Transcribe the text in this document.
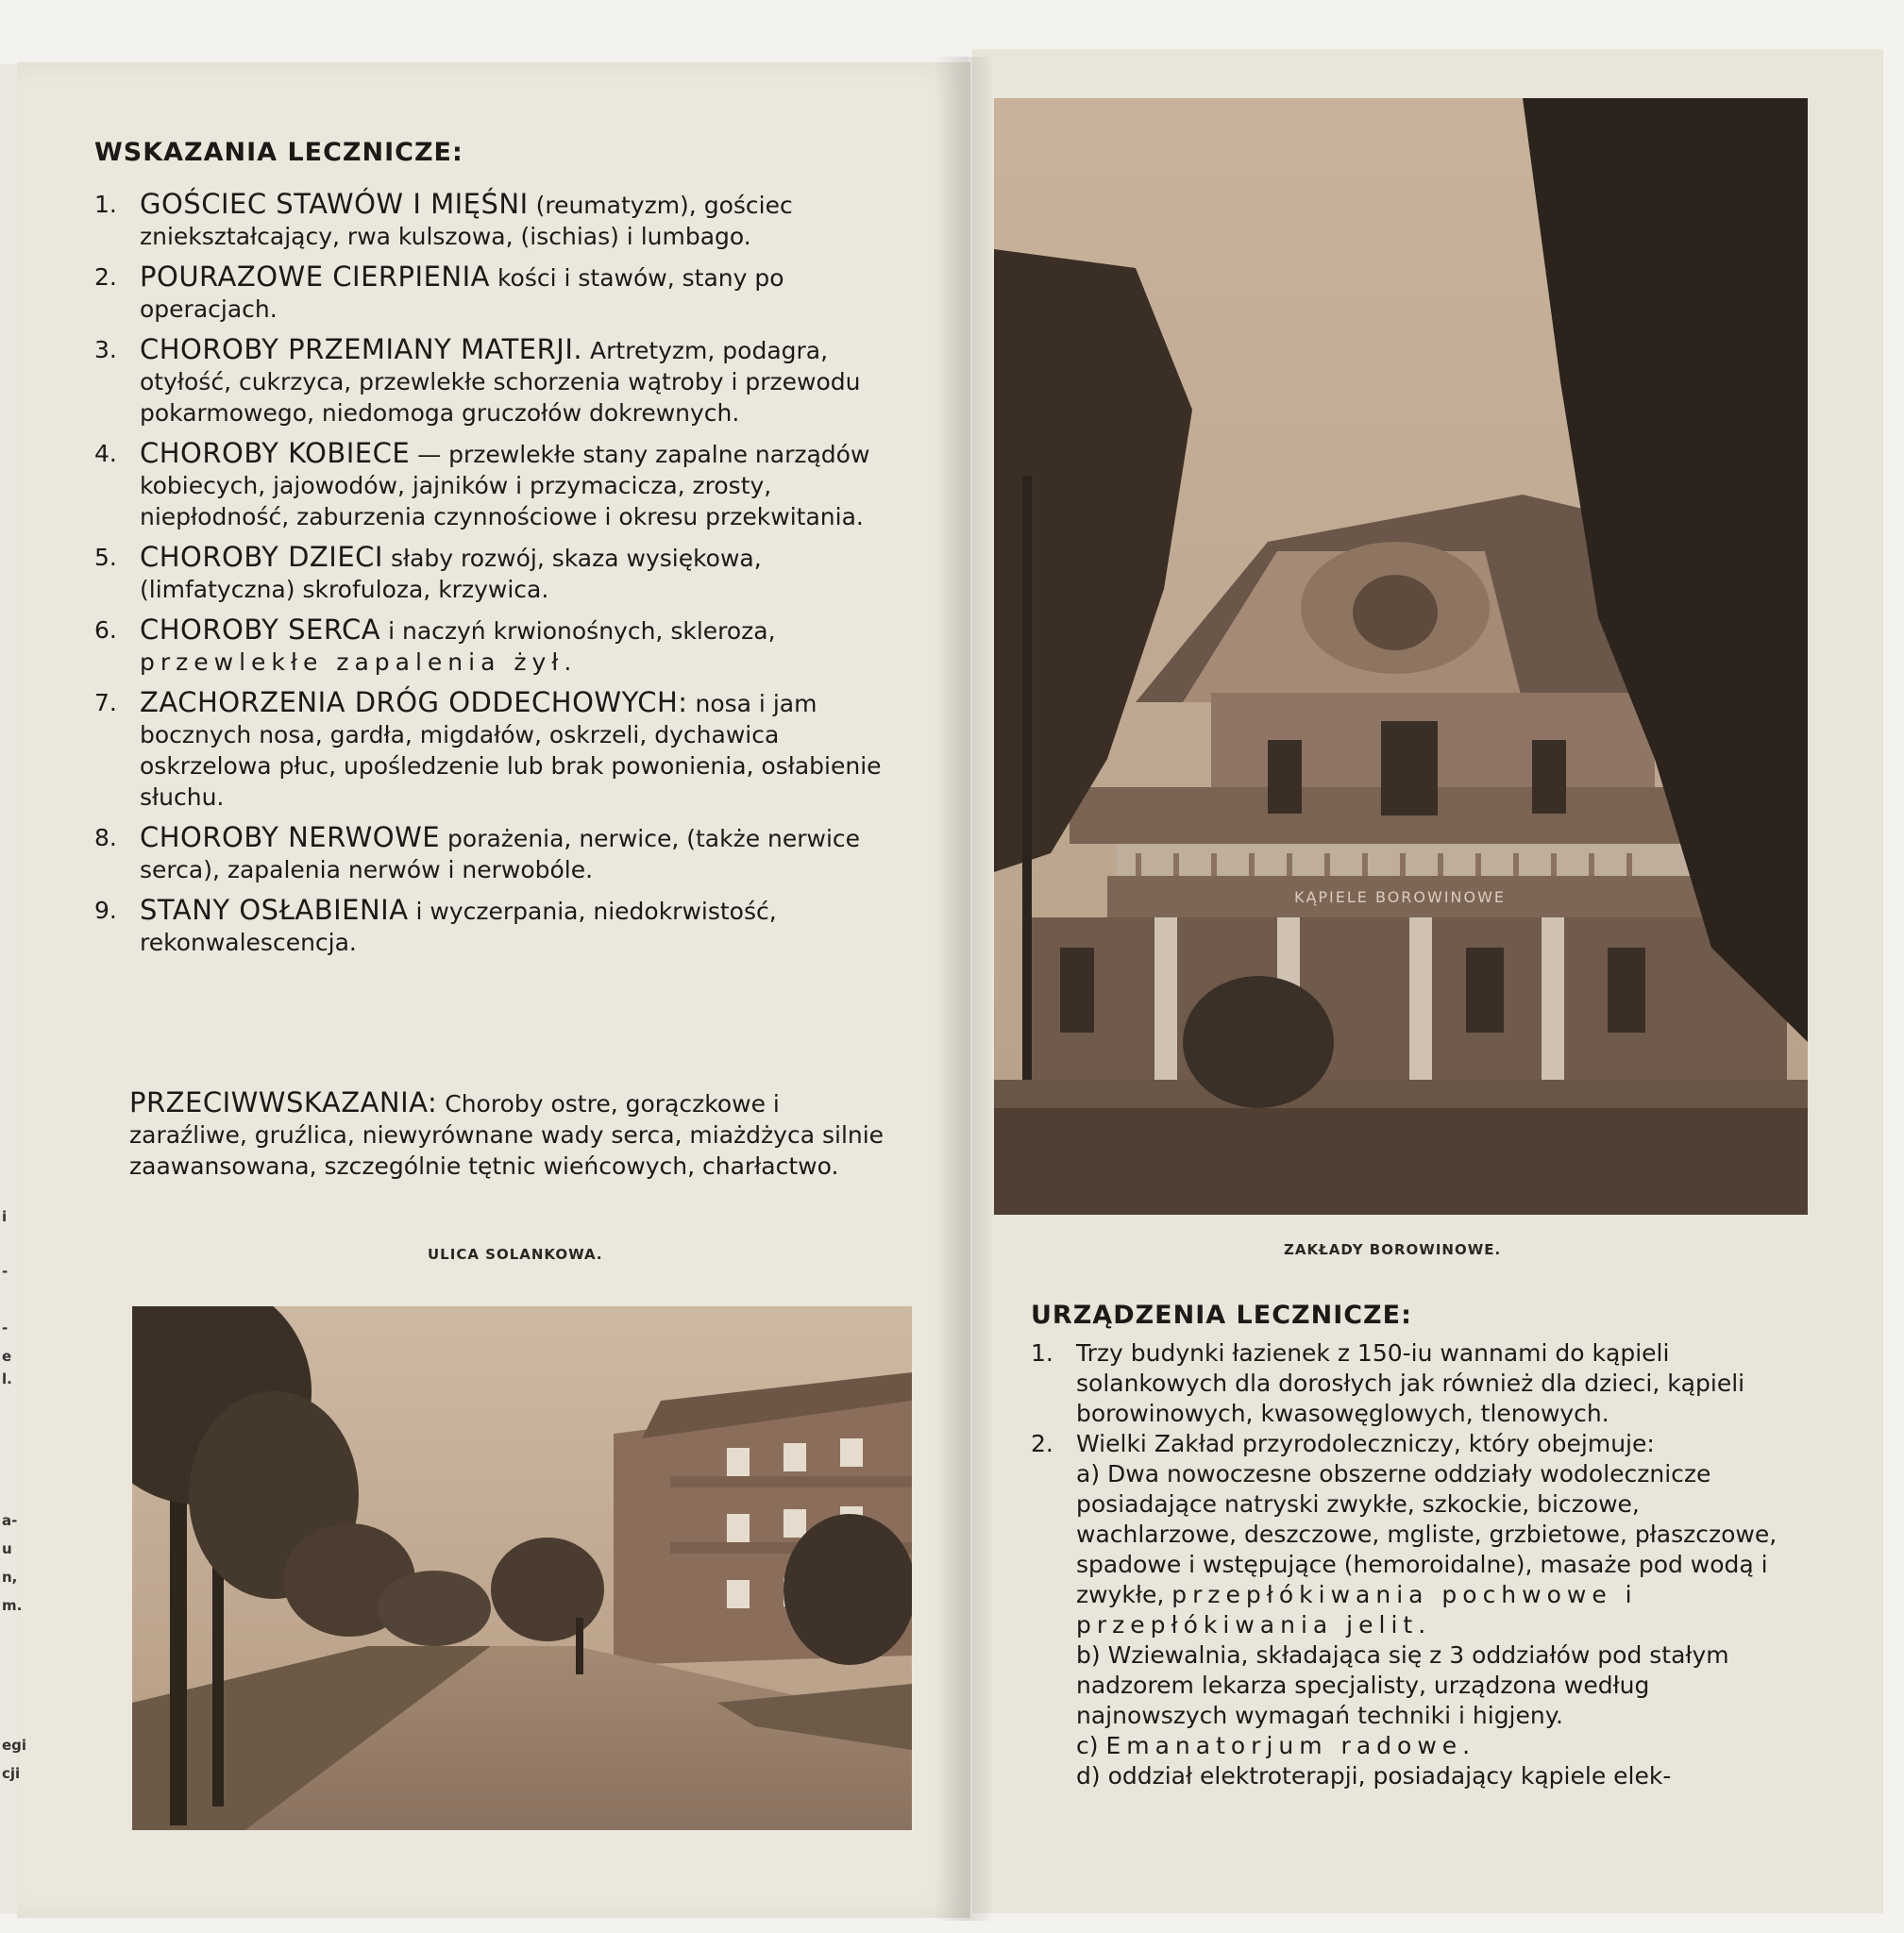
i
-
-
e
l.
a-
u
n,
m.
egi
cji
WSKAZANIA LECZNICZE:
1. GOŚCIEC STAWÓW I MIĘŚNI (reumatyzm), gościec zniekształcający, rwa kulszowa, (ischias) i lumbago.
2. POURAZOWE CIERPIENIA kości i stawów, stany po operacjach.
3. CHOROBY PRZEMIANY MATERJI. Artretyzm, podagra, otyłość, cukrzyca, przewlekłe schorzenia wątroby i przewodu pokarmowego, niedomoga gruczołów dokrewnych.
4. CHOROBY KOBIECE — przewlekłe stany zapalne narządów kobiecych, jajowodów, jajników i przymacicza, zrosty, niepłodność, zaburzenia czynnościowe i okresu przekwitania.
5. CHOROBY DZIECI słaby rozwój, skaza wysiękowa, (limfatyczna) skrofuloza, krzywica.
6. CHOROBY SERCA i naczyń krwionośnych, skleroza, przewlekłe zapalenia żył.
7. ZACHORZENIA DRÓG ODDECHOWYCH: nosa i jam bocznych nosa, gardła, migdałów, oskrzeli, dychawica oskrzelowa płuc, upośledzenie lub brak powonienia, osłabienie słuchu.
8. CHOROBY NERWOWE porażenia, nerwice, (także nerwice serca), zapalenia nerwów i nerwobóle.
9. STANY OSŁABIENIA i wyczerpania, niedokrwistość, rekonwalescencja.
PRZECIWWSKAZANIA: Choroby ostre, gorączkowe i zaraźliwe, gruźlica, niewyrównane wady serca, miażdżyca silnie zaawansowana, szczególnie tętnic wieńcowych, charłactwo.
ULICA SOLANKOWA.
KĄPIELE BOROWINOWE
ZAKŁADY BOROWINOWE.
URZĄDZENIA LECZNICZE:
1. Trzy budynki łazienek z 150-iu wannami do kąpieli solankowych dla dorosłych jak również dla dzieci, kąpieli borowinowych, kwasowęglowych, tlenowych.
2. Wielki Zakład przyrodoleczniczy, który obejmuje:
a) Dwa nowoczesne obszerne oddziały wodolecznicze posiadające natryski zwykłe, szkockie, biczowe, wachlarzowe, deszczowe, mgliste, grzbietowe, płaszczowe, spadowe i wstępujące (hemoroidalne), masaże pod wodą i zwykłe, przepłókiwania pochwowe i przepłókiwania jelit.
b) Wziewalnia, składająca się z 3 oddziałów pod stałym nadzorem lekarza specjalisty, urządzona według najnowszych wymagań techniki i higjeny.
c) Emanatorjum radowe.
d) oddział elektroterapji, posiadający kąpiele elek-
